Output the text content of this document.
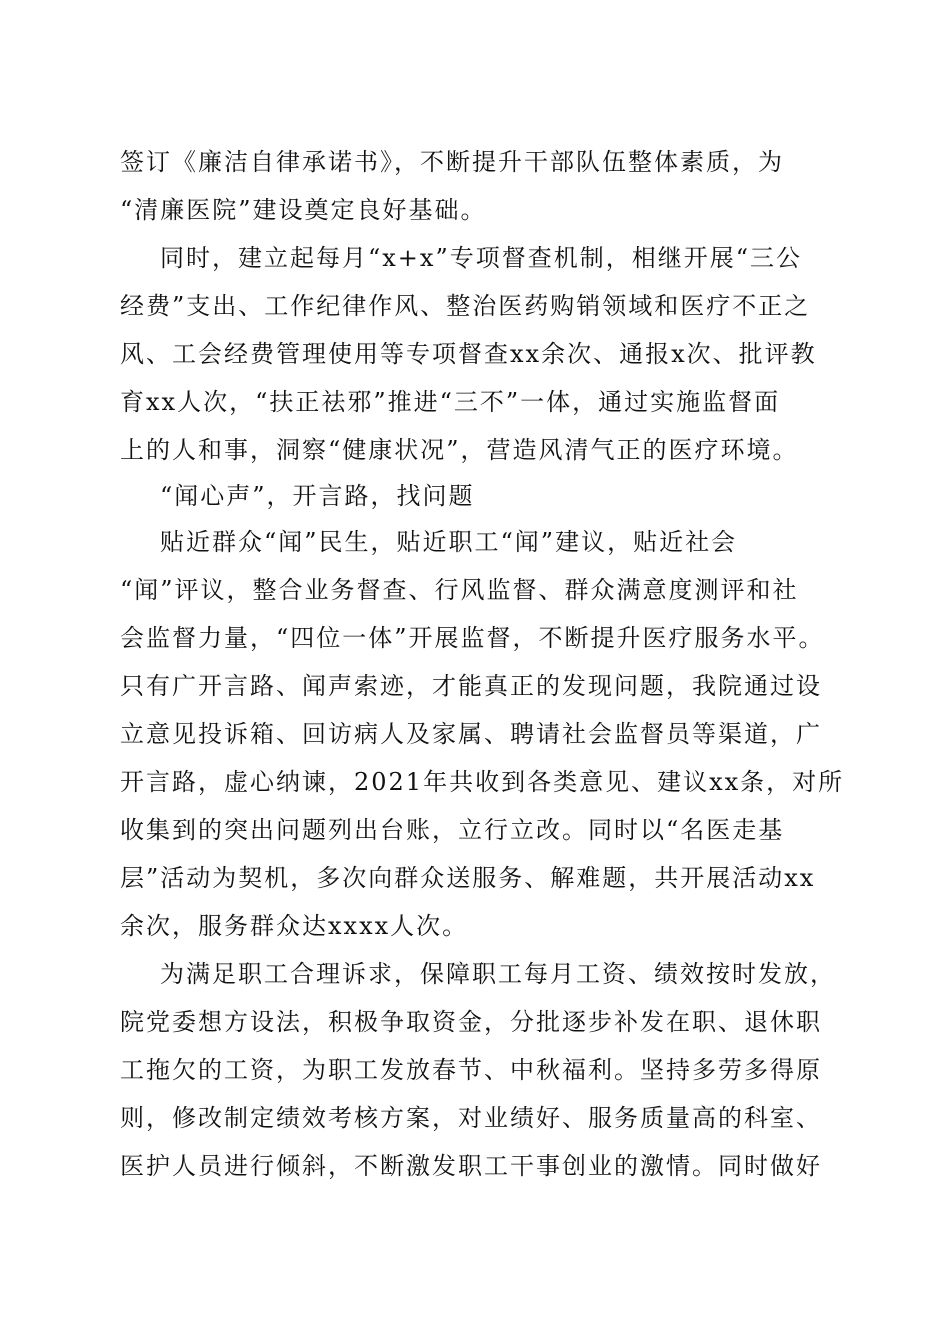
签订《廉洁自律承诺书》，不断提升干部队伍整体素质，为
“清廉医院”建设奠定良好基础。
同时，建立起每月“x+x”专项督查机制，相继开展“三公
经费”支出、工作纪律作风、整治医药购销领域和医疗不正之
风、工会经费管理使用等专项督查xx余次、通报x次、批评教
育xx人次，“扶正祛邪”推进“三不”一体，通过实施监督面
上的人和事，洞察“健康状况”，营造风清气正的医疗环境。
“闻心声”，开言路，找问题
贴近群众“闻”民生，贴近职工“闻”建议，贴近社会
“闻”评议，整合业务督查、行风监督、群众满意度测评和社
会监督力量，“四位一体”开展监督，不断提升医疗服务水平。
只有广开言路、闻声索迹，才能真正的发现问题，我院通过设
立意见投诉箱、回访病人及家属、聘请社会监督员等渠道，广
开言路，虚心纳谏，2021年共收到各类意见、建议xx条，对所
收集到的突出问题列出台账，立行立改。同时以“名医走基
层”活动为契机，多次向群众送服务、解难题，共开展活动xx
余次，服务群众达xxxx人次。
为满足职工合理诉求，保障职工每月工资、绩效按时发放，
院党委想方设法，积极争取资金，分批逐步补发在职、退休职
工拖欠的工资，为职工发放春节、中秋福利。坚持多劳多得原
则，修改制定绩效考核方案，对业绩好、服务质量高的科室、
医护人员进行倾斜，不断激发职工干事创业的激情。同时做好
